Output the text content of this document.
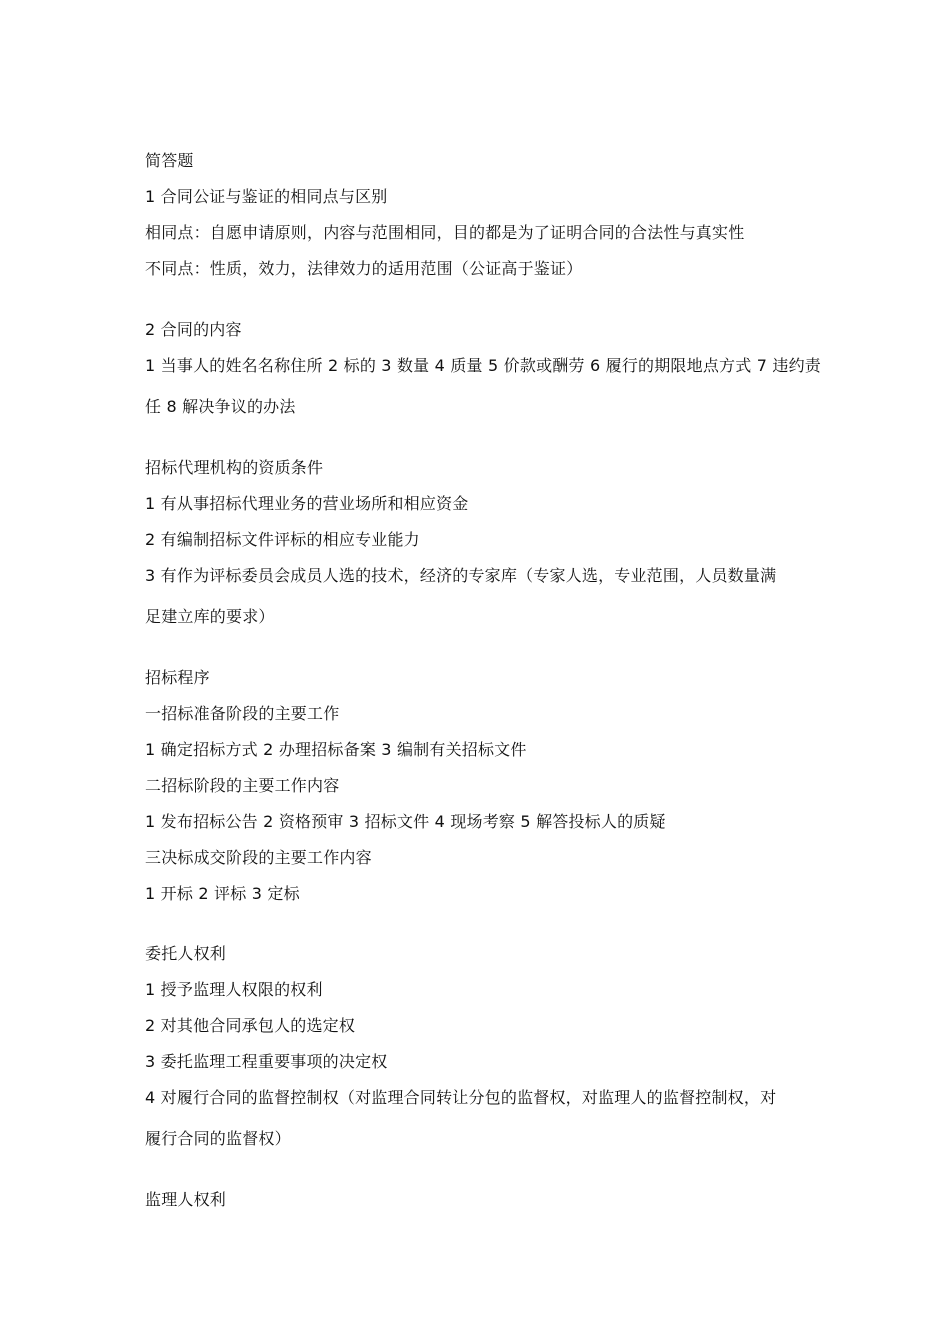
简答题
1 合同公证与鉴证的相同点与区别
相同点：自愿申请原则，内容与范围相同，目的都是为了证明合同的合法性与真实性
不同点：性质，效力，法律效力的适用范围（公证高于鉴证）
2 合同的内容
1 当事人的姓名名称住所 2 标的 3 数量 4 质量 5 价款或酬劳 6 履行的期限地点方式 7 违约责
任 8 解决争议的办法
招标代理机构的资质条件
1 有从事招标代理业务的营业场所和相应资金
2 有编制招标文件评标的相应专业能力
3 有作为评标委员会成员人选的技术，经济的专家库（专家人选，专业范围，人员数量满
足建立库的要求）
招标程序
一招标准备阶段的主要工作
1 确定招标方式 2 办理招标备案 3 编制有关招标文件
二招标阶段的主要工作内容
1 发布招标公告 2 资格预审 3 招标文件 4 现场考察 5 解答投标人的质疑
三决标成交阶段的主要工作内容
1 开标 2 评标 3 定标
委托人权利
1 授予监理人权限的权利
2 对其他合同承包人的选定权
3 委托监理工程重要事项的决定权
4 对履行合同的监督控制权（对监理合同转让分包的监督权，对监理人的监督控制权，对
履行合同的监督权）
监理人权利
